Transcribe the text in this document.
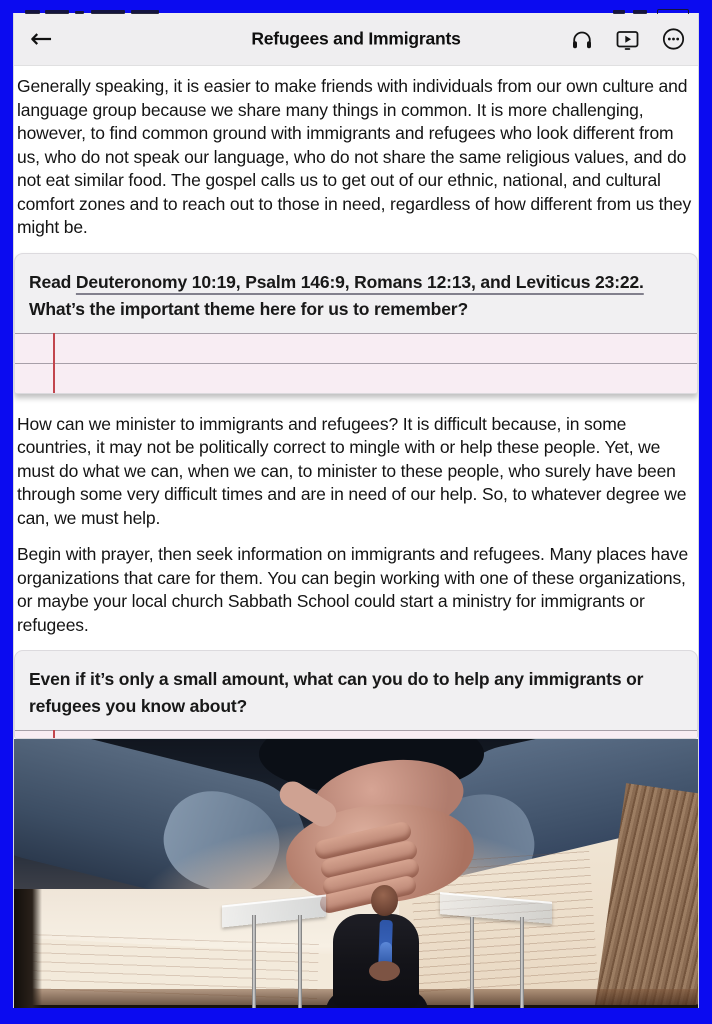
←	Refugees and Immigrants

Generally speaking, it is easier to make friends with individuals from our own culture and language group because we share many things in common. It is more challenging, however, to find common ground with immigrants and refugees who look different from us, who do not speak our language, who do not share the same religious values, and do not eat similar food. The gospel calls us to get out of our ethnic, national, and cultural comfort zones and to reach out to those in need, regardless of how different from us they might be.

Read Deuteronomy 10:19, Psalm 146:9, Romans 12:13, and Leviticus 23:22. What’s the important theme here for us to remember?

How can we minister to immigrants and refugees? It is difficult because, in some countries, it may not be politically correct to mingle with or help these people. Yet, we must do what we can, when we can, to minister to these people, who surely have been through some very difficult times and are in need of our help. So, to whatever degree we can, we must help.

Begin with prayer, then seek information on immigrants and refugees. Many places have organizations that care for them. You can begin working with one of these organizations, or maybe your local church Sabbath School could start a ministry for immigrants or refugees.

Even if it’s only a small amount, what can you do to help any immigrants or refugees you know about?
